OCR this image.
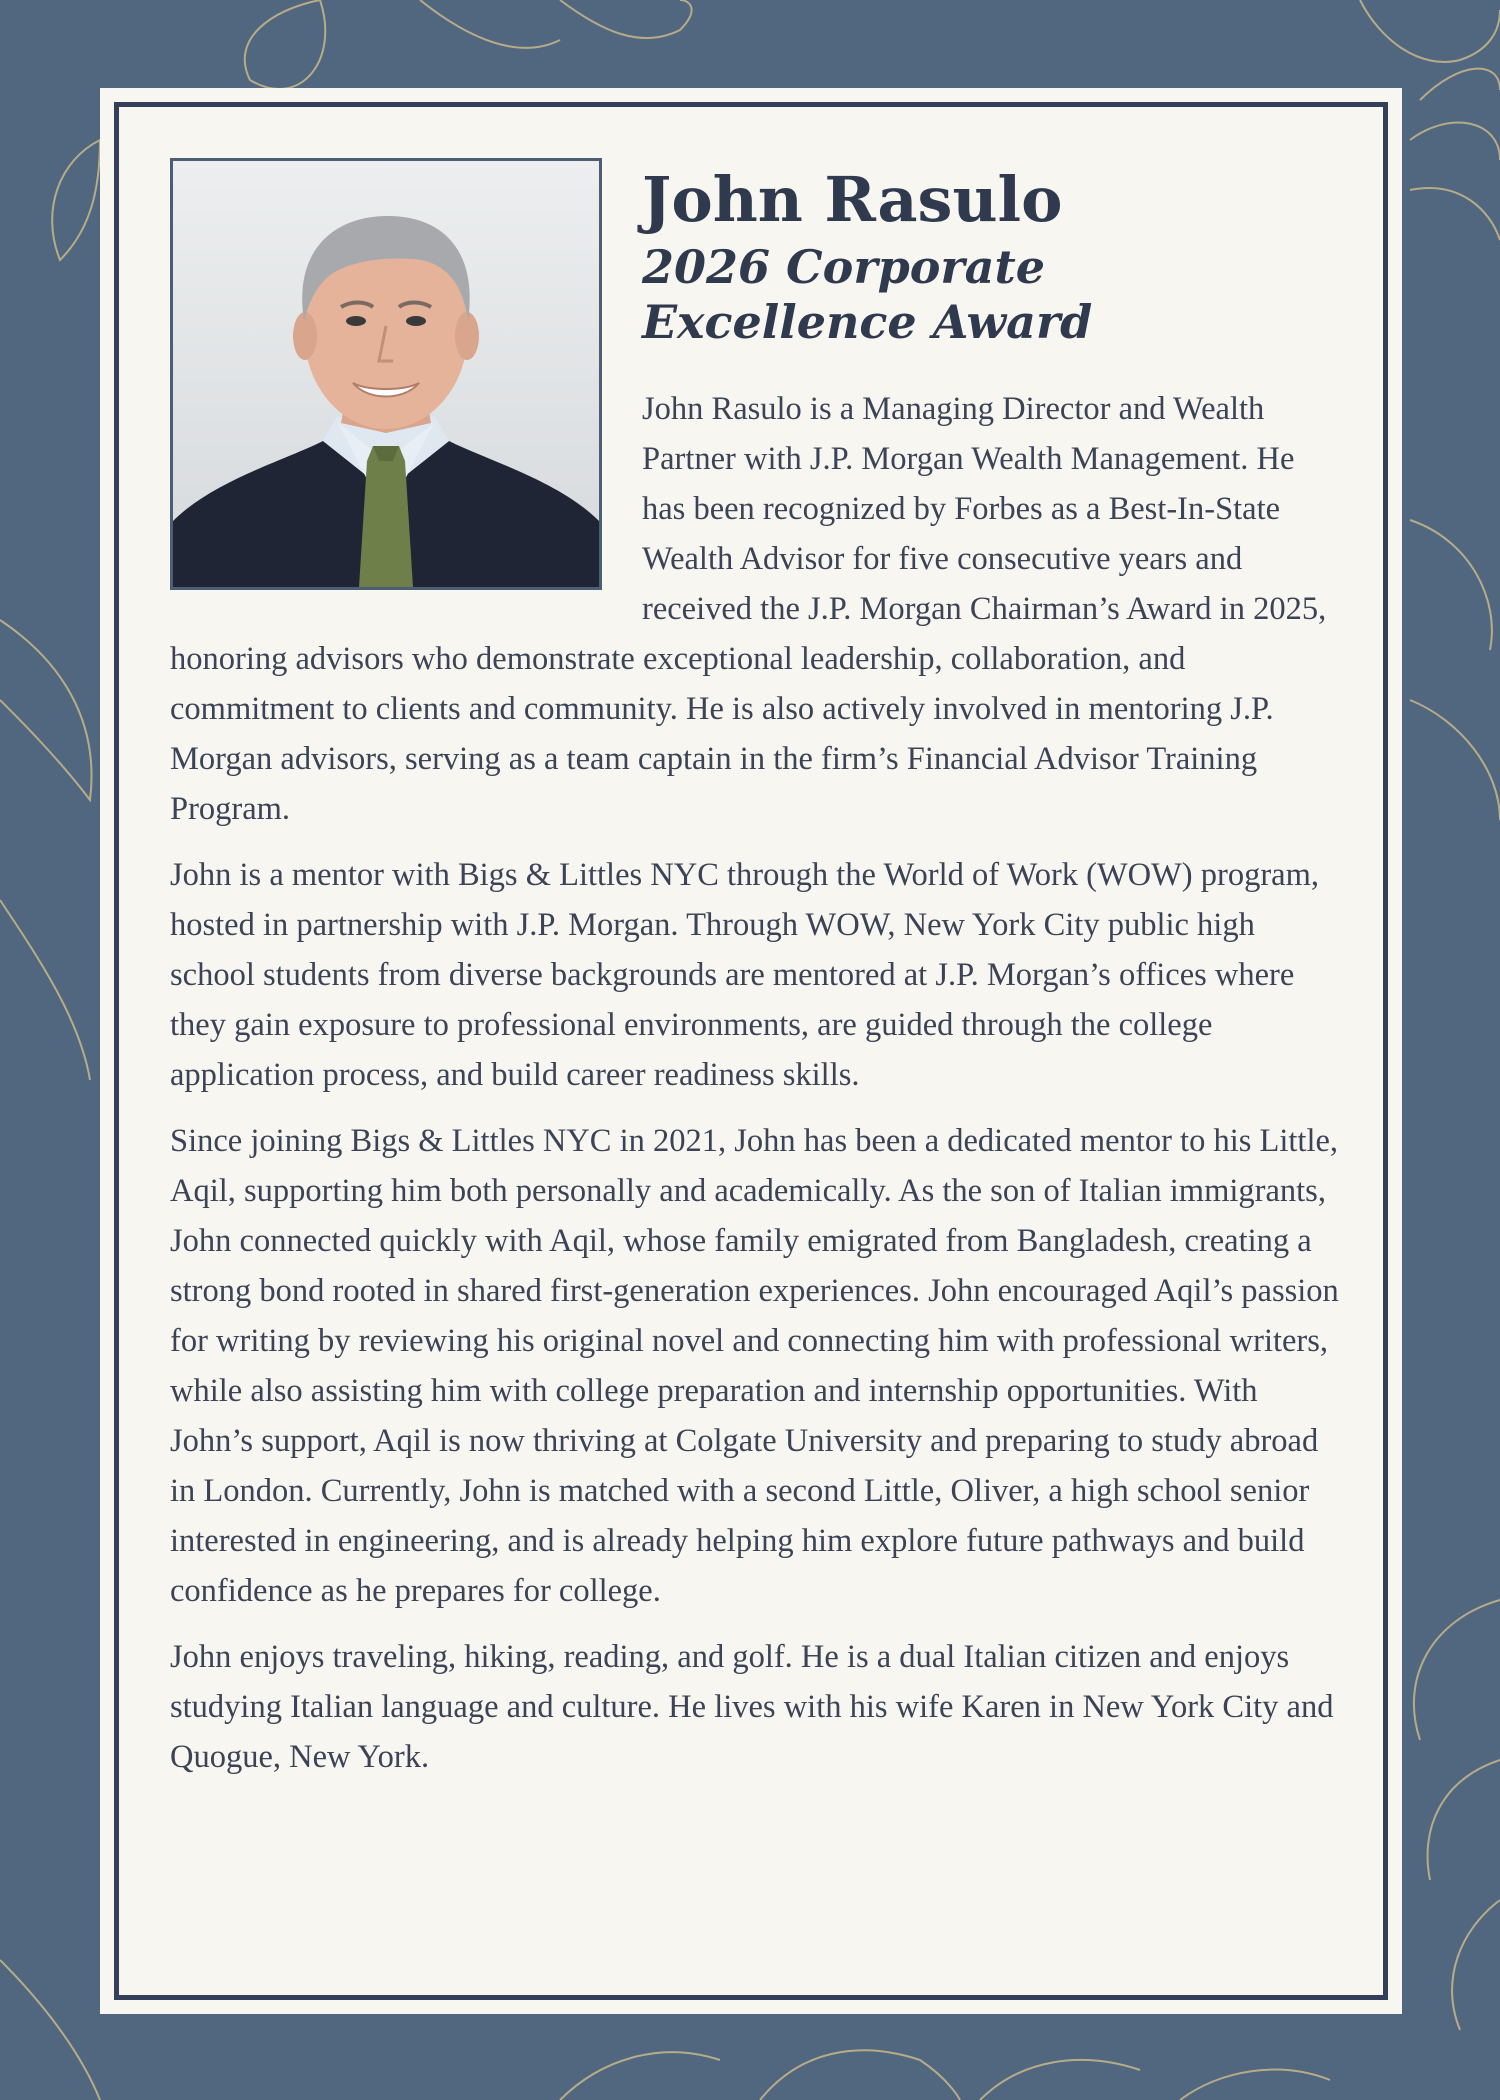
John Rasulo
2026 Corporate
Excellence Award

John Rasulo is a Managing Director and Wealth Partner with J.P. Morgan Wealth Management. He has been recognized by Forbes as a Best-In-State Wealth Advisor for five consecutive years and received the J.P. Morgan Chairman’s Award in 2025, honoring advisors who demonstrate exceptional leadership, collaboration, and commitment to clients and community. He is also actively involved in mentoring J.P. Morgan advisors, serving as a team captain in the firm’s Financial Advisor Training Program.

John is a mentor with Bigs & Littles NYC through the World of Work (WOW) program, hosted in partnership with J.P. Morgan. Through WOW, New York City public high school students from diverse backgrounds are mentored at J.P. Morgan’s offices where they gain exposure to professional environments, are guided through the college application process, and build career readiness skills.

Since joining Bigs & Littles NYC in 2021, John has been a dedicated mentor to his Little, Aqil, supporting him both personally and academically. As the son of Italian immigrants, John connected quickly with Aqil, whose family emigrated from Bangladesh, creating a strong bond rooted in shared first-generation experiences. John encouraged Aqil’s passion for writing by reviewing his original novel and connecting him with professional writers, while also assisting him with college preparation and internship opportunities. With John’s support, Aqil is now thriving at Colgate University and preparing to study abroad in London. Currently, John is matched with a second Little, Oliver, a high school senior interested in engineering, and is already helping him explore future pathways and build confidence as he prepares for college.

John enjoys traveling, hiking, reading, and golf. He is a dual Italian citizen and enjoys studying Italian language and culture. He lives with his wife Karen in New York City and Quogue, New York.
